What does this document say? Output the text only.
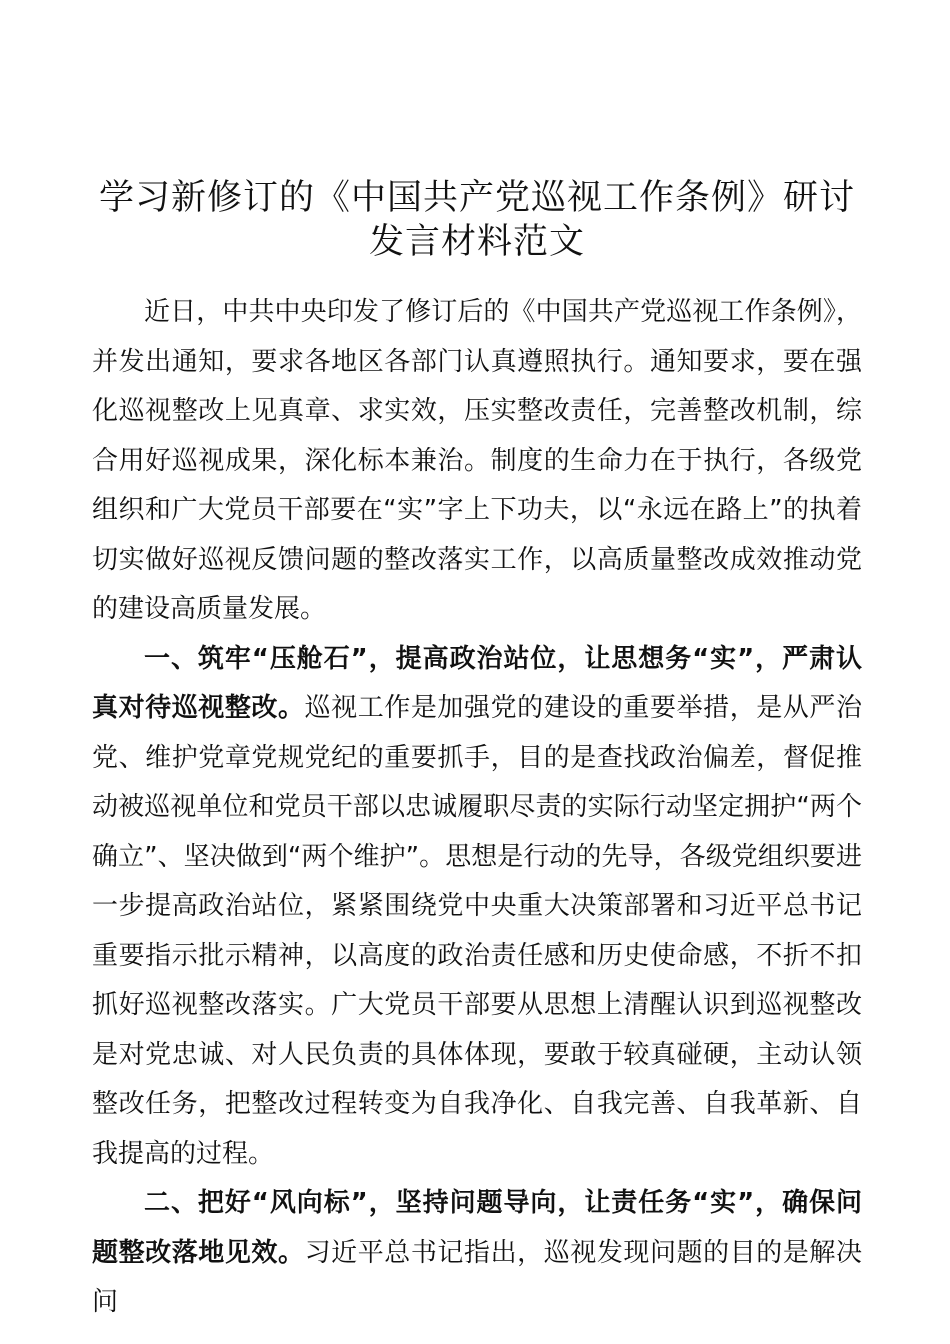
学习新修订的《中国共产党巡视工作条例》研讨
发言材料范文

近日，中共中央印发了修订后的《中国共产党巡视工作条例》，并发出通知，要求各地区各部门认真遵照执行。通知要求，要在强化巡视整改上见真章、求实效，压实整改责任，完善整改机制，综合用好巡视成果，深化标本兼治。制度的生命力在于执行，各级党组织和广大党员干部要在“实”字上下功夫，以“永远在路上”的执着切实做好巡视反馈问题的整改落实工作，以高质量整改成效推动党的建设高质量发展。

一、筑牢“压舱石”，提高政治站位，让思想务“实”，严肃认真对待巡视整改。巡视工作是加强党的建设的重要举措，是从严治党、维护党章党规党纪的重要抓手，目的是查找政治偏差，督促推动被巡视单位和党员干部以忠诚履职尽责的实际行动坚定拥护“两个确立”、坚决做到“两个维护”。思想是行动的先导，各级党组织要进一步提高政治站位，紧紧围绕党中央重大决策部署和习近平总书记重要指示批示精神，以高度的政治责任感和历史使命感，不折不扣抓好巡视整改落实。广大党员干部要从思想上清醒认识到巡视整改是对党忠诚、对人民负责的具体体现，要敢于较真碰硬，主动认领整改任务，把整改过程转变为自我净化、自我完善、自我革新、自我提高的过程。

二、把好“风向标”，坚持问题导向，让责任务“实”，确保问题整改落地见效。习近平总书记指出，巡视发现问题的目的是解决问
